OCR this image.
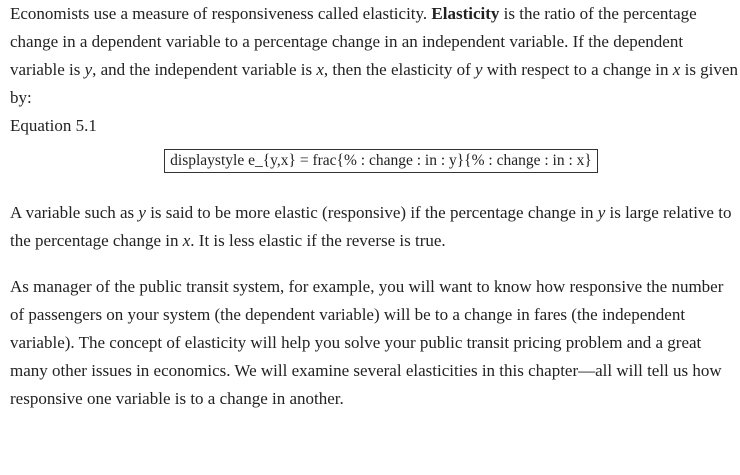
Economists use a measure of responsiveness called elasticity. Elasticity is the ratio of the percentage change in a dependent variable to a percentage change in an independent variable. If the dependent variable is y, and the independent variable is x, then the elasticity of y with respect to a change in x is given by:

Equation 5.1

displaystyle e_{y,x} = frac{% : change : in : y}{% : change : in : x}

A variable such as y is said to be more elastic (responsive) if the percentage change in y is large relative to the percentage change in x. It is less elastic if the reverse is true.

As manager of the public transit system, for example, you will want to know how responsive the number of passengers on your system (the dependent variable) will be to a change in fares (the independent variable). The concept of elasticity will help you solve your public transit pricing problem and a great many other issues in economics. We will examine several elasticities in this chapter—all will tell us how responsive one variable is to a change in another.
